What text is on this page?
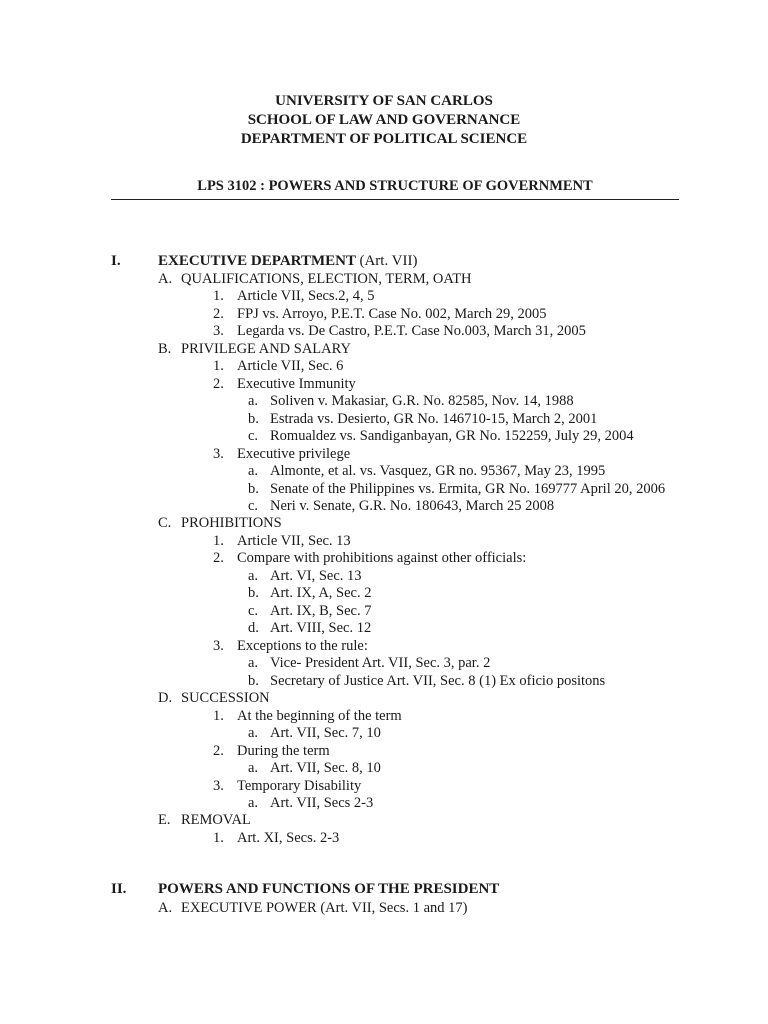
UNIVERSITY OF SAN CARLOS
SCHOOL OF LAW AND GOVERNANCE
DEPARTMENT OF POLITICAL SCIENCE
LPS 3102 : POWERS AND STRUCTURE OF GOVERNMENT
I. EXECUTIVE DEPARTMENT (Art. VII)
A. QUALIFICATIONS, ELECTION, TERM, OATH
1. Article VII, Secs.2, 4, 5
2. FPJ vs. Arroyo, P.E.T. Case No. 002, March 29, 2005
3. Legarda vs. De Castro, P.E.T. Case No.003, March 31, 2005
B. PRIVILEGE AND SALARY
1. Article VII, Sec. 6
2. Executive Immunity
a. Soliven v. Makasiar, G.R. No. 82585, Nov. 14, 1988
b. Estrada vs. Desierto, GR No. 146710-15, March 2, 2001
c. Romualdez vs. Sandiganbayan, GR No. 152259, July 29, 2004
3. Executive privilege
a. Almonte, et al. vs. Vasquez, GR no. 95367, May 23, 1995
b. Senate of the Philippines vs. Ermita, GR No. 169777 April 20, 2006
c. Neri v. Senate, G.R. No. 180643, March 25 2008
C. PROHIBITIONS
1. Article VII, Sec. 13
2. Compare with prohibitions against other officials:
a. Art. VI, Sec. 13
b. Art. IX, A, Sec. 2
c. Art. IX, B, Sec. 7
d. Art. VIII, Sec. 12
3. Exceptions to the rule:
a. Vice- President Art. VII, Sec. 3, par. 2
b. Secretary of Justice Art. VII, Sec. 8 (1) Ex oficio positons
D. SUCCESSION
1. At the beginning of the term
a. Art. VII, Sec. 7, 10
2. During the term
a. Art. VII, Sec. 8, 10
3. Temporary Disability
a. Art. VII, Secs 2-3
E. REMOVAL
1. Art. XI, Secs. 2-3
II. POWERS AND FUNCTIONS OF THE PRESIDENT
A. EXECUTIVE POWER (Art. VII, Secs. 1 and 17)
